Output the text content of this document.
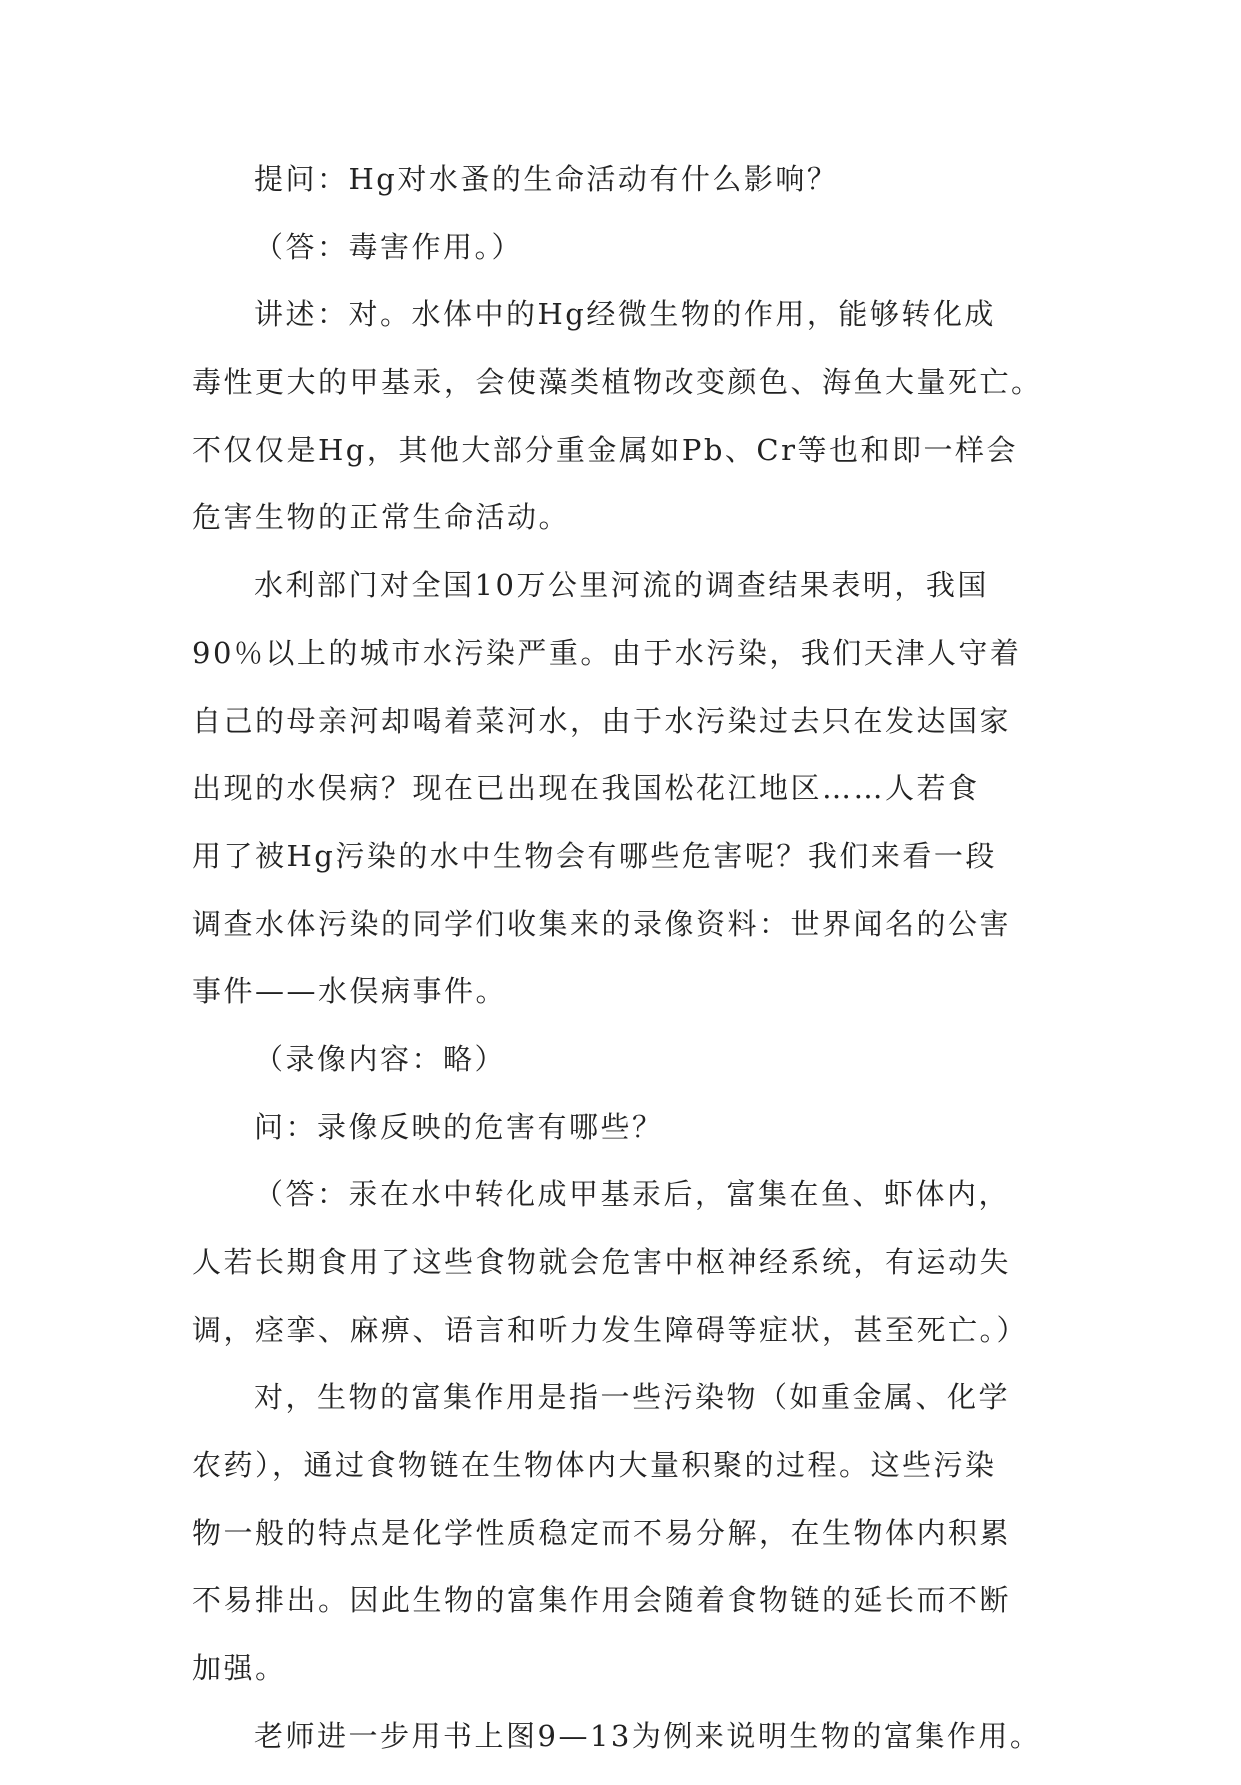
提问：Hg对水蚤的生命活动有什么影响？
（答：毒害作用。）
讲述：对。水体中的Hg经微生物的作用，能够转化成
毒性更大的甲基汞，会使藻类植物改变颜色、海鱼大量死亡。
不仅仅是Hg，其他大部分重金属如Pb、Cr等也和即一样会
危害生物的正常生命活动。
水利部门对全国10万公里河流的调查结果表明，我国
90％以上的城市水污染严重。由于水污染，我们天津人守着
自己的母亲河却喝着菜河水，由于水污染过去只在发达国家
出现的水俣病？现在已出现在我国松花江地区……人若食
用了被Hg污染的水中生物会有哪些危害呢？我们来看一段
调查水体污染的同学们收集来的录像资料：世界闻名的公害
事件——水俣病事件。
（录像内容：略）
问：录像反映的危害有哪些？
（答：汞在水中转化成甲基汞后，富集在鱼、虾体内，
人若长期食用了这些食物就会危害中枢神经系统，有运动失
调，痉挛、麻痹、语言和听力发生障碍等症状，甚至死亡。）
对，生物的富集作用是指一些污染物（如重金属、化学
农药），通过食物链在生物体内大量积聚的过程。这些污染
物一般的特点是化学性质稳定而不易分解，在生物体内积累
不易排出。因此生物的富集作用会随着食物链的延长而不断
加强。
老师进一步用书上图9—13为例来说明生物的富集作用。
